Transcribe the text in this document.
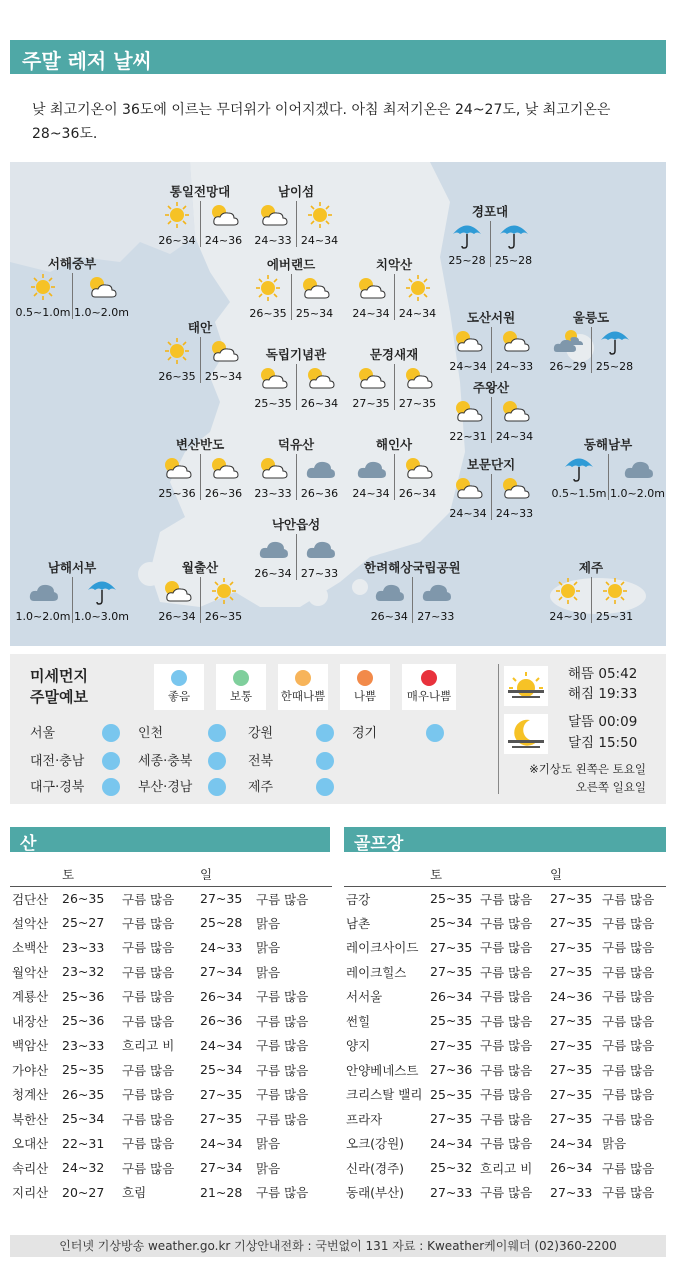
주말 레저 날씨
낮 최고기온이 36도에 이르는 무더위가 이어지겠다. 아침 최저기온은 24~27도, 낮 최고기온은 28~36도.
통일전망대
26~34 24~36
남이섬
24~33 24~34
경포대
25~28 25~28
서해중부
0.5~1.0m 1.0~2.0m
에버랜드
26~35 25~34
치악산
24~34 24~34	도산서원
24~34 24~33
울릉도
26~29 25~28
태안
26~35 25~34
독립기념관
25~35 26~34
문경새재
27~35 27~35
주왕산
22~31 24~34
변산반도
25~36 26~36
덕유산
23~33 26~36
해인사
24~34 26~34
동해남부
0.5~1.5m 1.0~2.0m
보문단지
24~34 24~33
낙안읍성
26~34 27~33
남해서부
1.0~2.0m 1.0~3.0m
월출산
26~34 26~35
한려해상국립공원
26~34 27~33
제주
24~30 25~31
미세먼지
주말예보	좋음	보통	한때나쁨	나쁨	매우나쁨
서울	인천	강원	경기
대전·충남	세종·충북	전북
대구·경북	부산·경남	제주
해뜸 05:42
해짐 19:33
달뜸 00:09
달짐 15:50
※기상도 왼쪽은 토요일
오른쪽 일요일
산	골프장
	토		일	
검단산	26~35	구름 많음	27~35	구름 많음
설악산	25~27	구름 많음	25~28	맑음
소백산	23~33	구름 많음	24~33	맑음
월악산	23~32	구름 많음	27~34	맑음
계룡산	25~36	구름 많음	26~34	구름 많음
내장산	25~36	구름 많음	26~36	구름 많음
백암산	23~33	흐리고 비	24~34	구름 많음
가야산	25~35	구름 많음	25~34	구름 많음
청계산	26~35	구름 많음	27~35	구름 많음
북한산	25~34	구름 많음	27~35	구름 많음
오대산	22~31	구름 많음	24~34	맑음
속리산	24~32	구름 많음	27~34	맑음
지리산	20~27	흐림	21~28	구름 많음
	토		일	
금강	25~35	구름 많음	27~35	구름 많음
남촌	25~34	구름 많음	27~35	구름 많음
레이크사이드	27~35	구름 많음	27~35	구름 많음
레이크힐스	27~35	구름 많음	27~35	구름 많음
서서울	26~34	구름 많음	24~36	구름 많음
썬힐	25~35	구름 많음	27~35	구름 많음
양지	27~35	구름 많음	27~35	구름 많음
안양베네스트	27~36	구름 많음	27~35	구름 많음
크리스탈 밸리	25~35	구름 많음	27~35	구름 많음
프라자	27~35	구름 많음	27~35	구름 많음
오크(강원)	24~34	구름 많음	24~34	맑음
신라(경주)	25~32	흐리고 비	26~34	구름 많음
동래(부산)	27~33	구름 많음	27~33	구름 많음
인터넷 기상방송 weather.go.kr 기상안내전화 : 국번없이 131 자료 : Kweather케이웨더 (02)360-2200
